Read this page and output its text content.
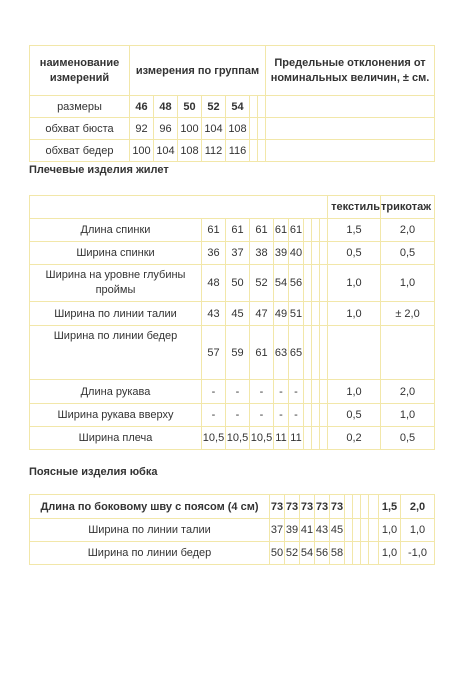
наименование измерений	измерения по группам							Предельные отклонения от номинальных величин, ± см.
размеры	46	48	50	52	54			
обхват бюста	92	96	100	104	108			
обхват бедер	100	104	108	112	116			
Плечевые изделия жилет
									текстиль	трикотаж
Длина спинки	61	61	61	61	61				1,5	2,0
Ширина спинки	36	37	38	39	40				0,5	0,5
Ширина на уровне глубины проймы	48	50	52	54	56				1,0	1,0
Ширина по линии талии	43	45	47	49	51				1,0	± 2,0
Ширина по линии бедер	57	59	61	63	65					
Длина рукава	-	-	-	-	-				1,0	2,0
Ширина рукава вверху	-	-	-	-	-				0,5	1,0
Ширина плеча	10,5	10,5	10,5	11	11				0,2	0,5
Поясные изделия юбка
Длина по боковому шву с поясом (4 см)	73	73	73	73	73					1,5	2,0
Ширина по линии талии	37	39	41	43	45					1,0	1,0
Ширина по линии бедер	50	52	54	56	58					1,0	-1,0
